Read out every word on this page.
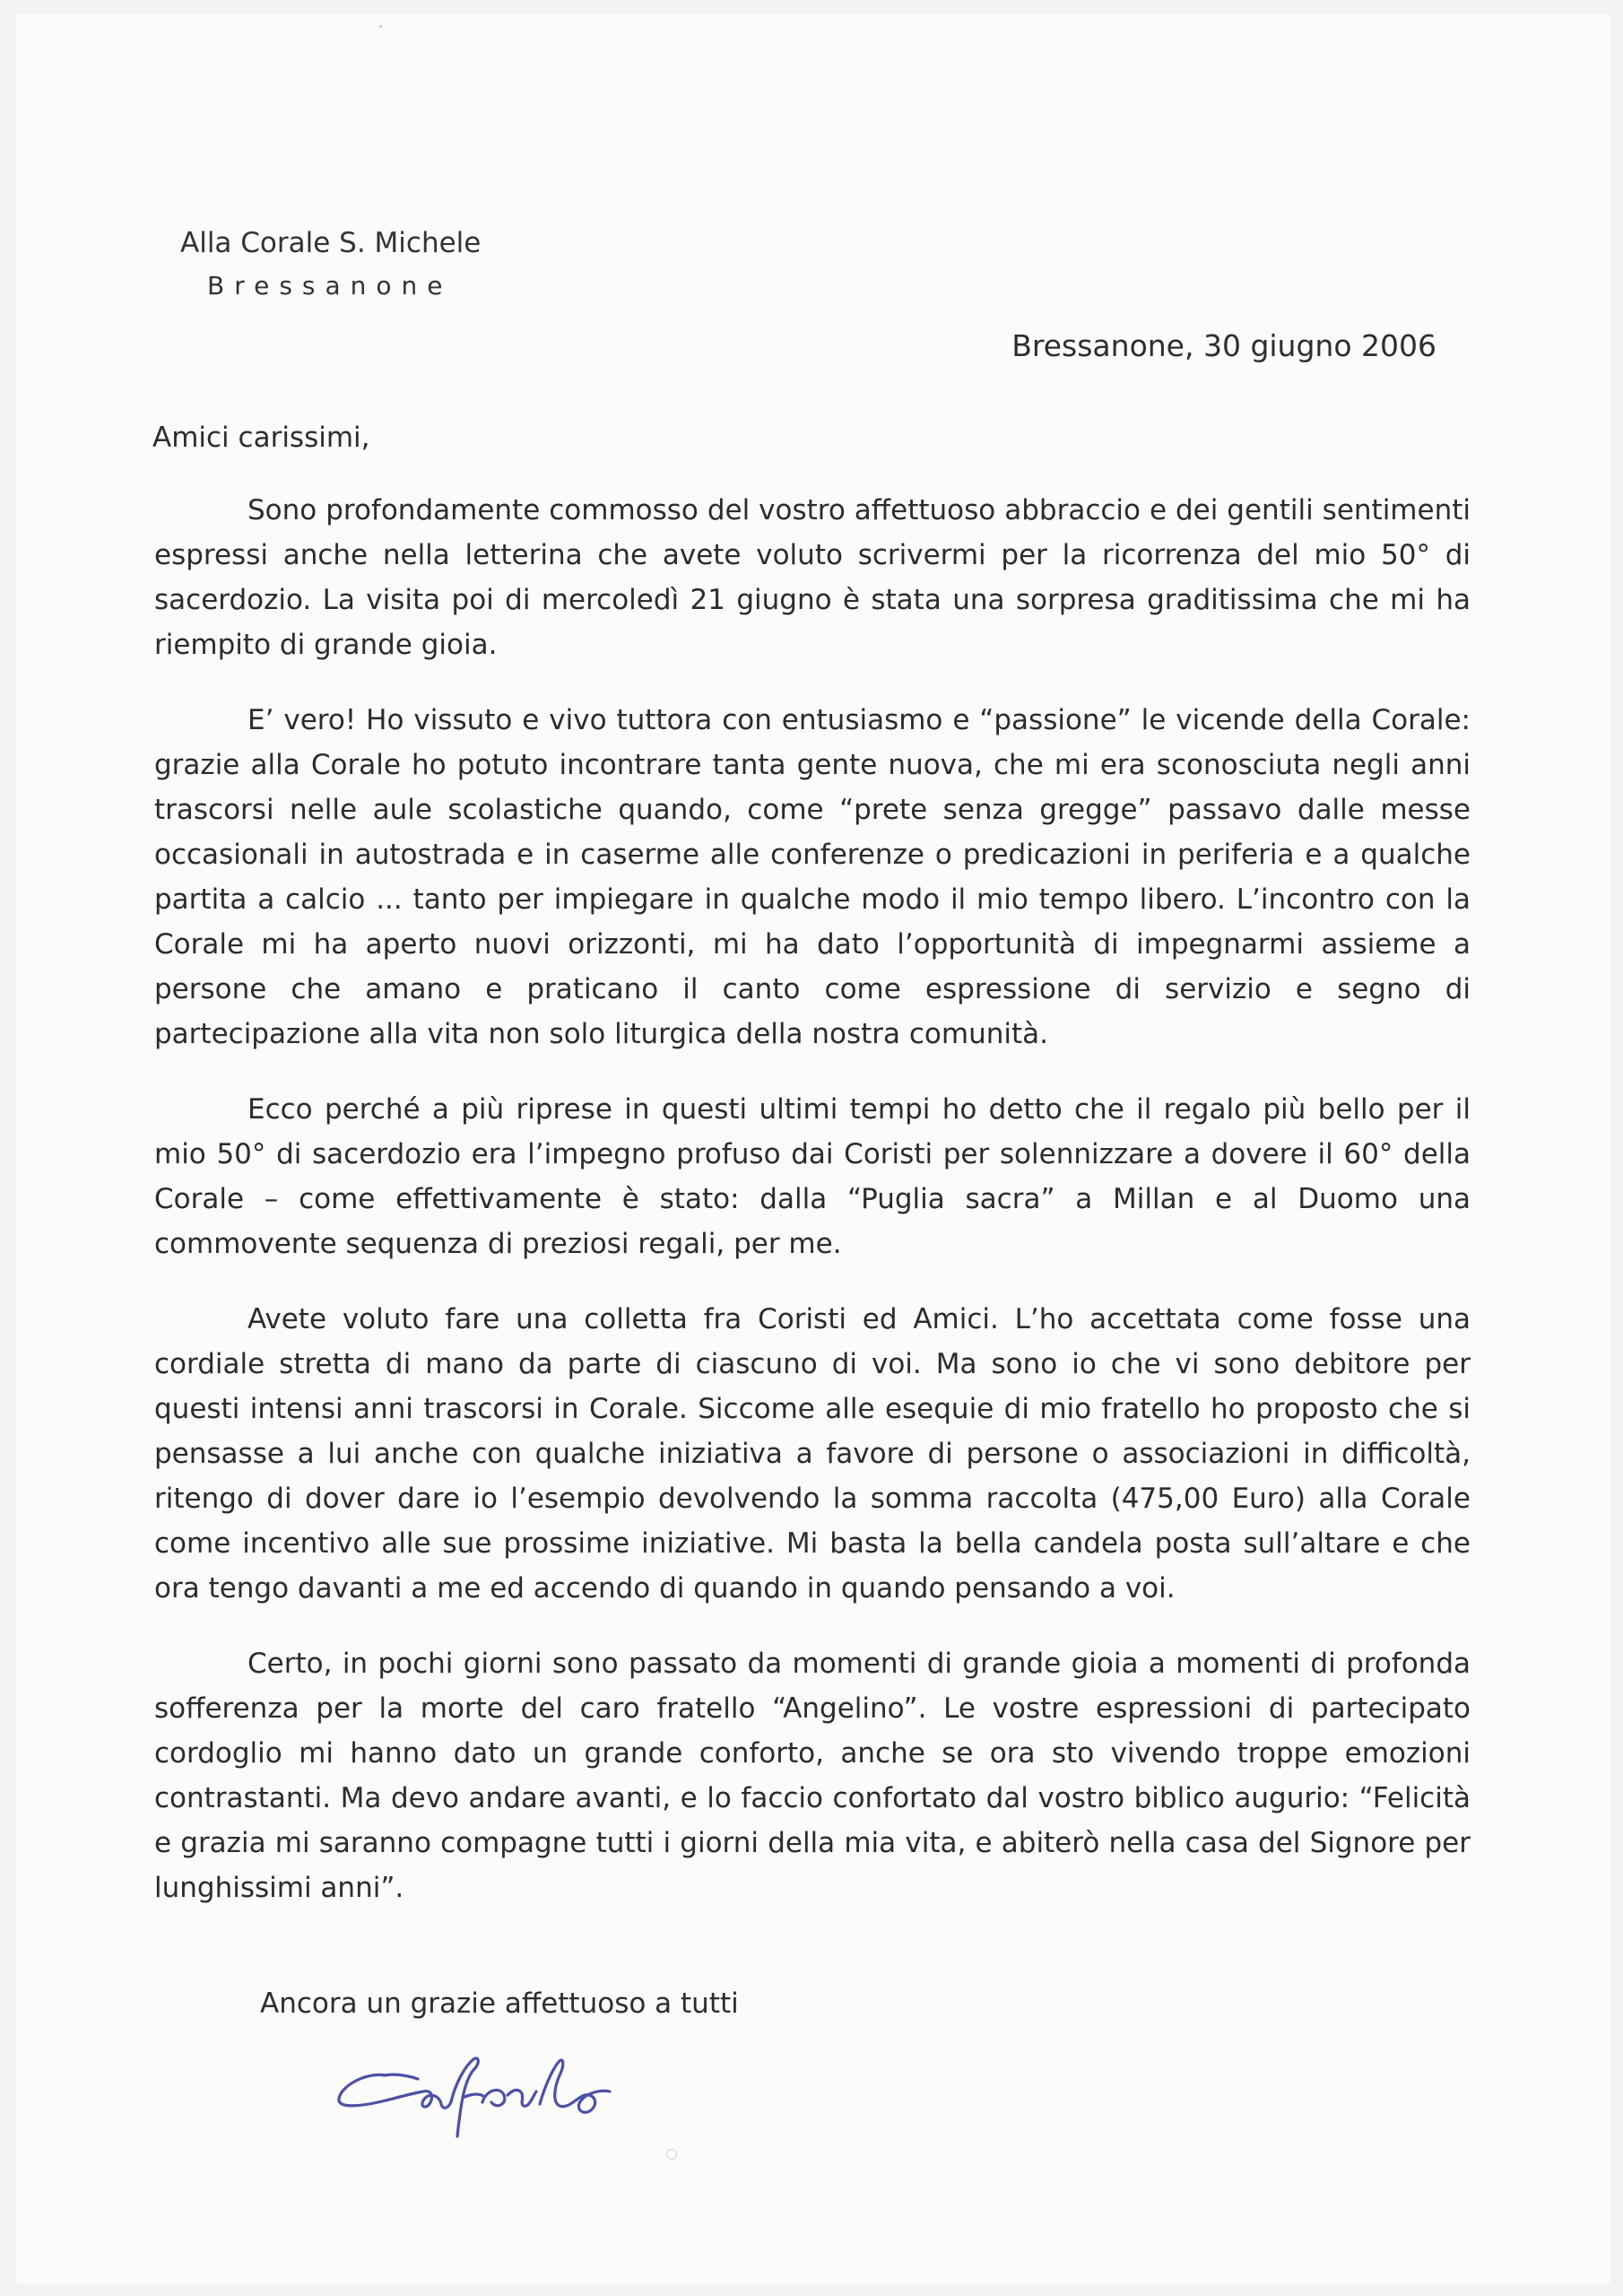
Alla Corale S. Michele
Bressanone
Bressanone, 30 giugno 2006
Amici carissimi,

Sono profondamente commosso del vostro affettuoso abbraccio e dei gentili sentimenti espressi anche nella letterina che avete voluto scrivermi per la ricorrenza del mio 50° di sacerdozio. La visita poi di mercoledì 21 giugno è stata una sorpresa graditissima che mi ha riempito di grande gioia.

E’ vero! Ho vissuto e vivo tuttora con entusiasmo e “passione” le vicende della Corale: grazie alla Corale ho potuto incontrare tanta gente nuova, che mi era sconosciuta negli anni trascorsi nelle aule scolastiche quando, come “prete senza gregge” passavo dalle messe occasionali in autostrada e in caserme alle conferenze o predicazioni in periferia e a qualche partita a calcio ... tanto per impiegare in qualche modo il mio tempo libero. L’incontro con la Corale mi ha aperto nuovi orizzonti, mi ha dato l’opportunità di impegnarmi assieme a persone che amano e praticano il canto come espressione di servizio e segno di partecipazione alla vita non solo liturgica della nostra comunità.

Ecco perché a più riprese in questi ultimi tempi ho detto che il regalo più bello per il mio 50° di sacerdozio era l’impegno profuso dai Coristi per solennizzare a dovere il 60° della Corale – come effettivamente è stato: dalla “Puglia sacra” a Millan e al Duomo una commovente sequenza di preziosi regali, per me.

Avete voluto fare una colletta fra Coristi ed Amici. L’ho accettata come fosse una cordiale stretta di mano da parte di ciascuno di voi. Ma sono io che vi sono debitore per questi intensi anni trascorsi in Corale. Siccome alle esequie di mio fratello ho proposto che si pensasse a lui anche con qualche iniziativa a favore di persone o associazioni in difficoltà, ritengo di dover dare io l’esempio devolvendo la somma raccolta (475,00 Euro) alla Corale come incentivo alle sue prossime iniziative. Mi basta la bella candela posta sull’altare e che ora tengo davanti a me ed accendo di quando in quando pensando a voi.

Certo, in pochi giorni sono passato da momenti di grande gioia a momenti di profonda sofferenza per la morte del caro fratello “Angelino”. Le vostre espressioni di partecipato cordoglio mi hanno dato un grande conforto, anche se ora sto vivendo troppe emozioni contrastanti. Ma devo andare avanti, e lo faccio confortato dal vostro biblico augurio: “Felicità e grazia mi saranno compagne tutti i giorni della mia vita, e abiterò nella casa del Signore per lunghissimi anni”.

Ancora un grazie affettuoso a tutti
